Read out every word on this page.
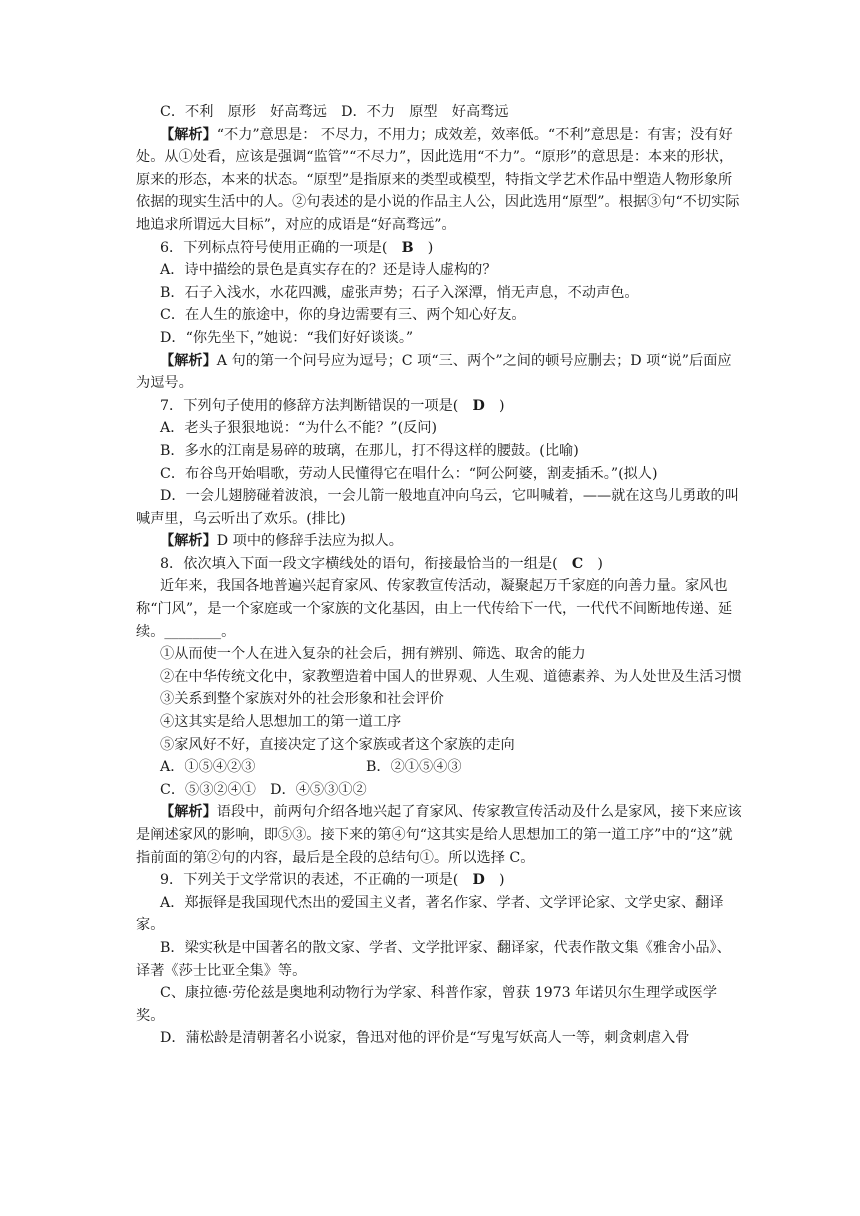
C．不利　原形　好高骛远　D．不力　原型　好高骛远
【解析】“不力”意思是： 不尽力，不用力；成效差，效率低。“不利”意思是：有害；没有好处。从①处看，应该是强调“监管”“不尽力”，因此选用“不力”。“原形”的意思是：本来的形状，原来的形态，本来的状态。“原型”是指原来的类型或模型，特指文学艺术作品中塑造人物形象所依据的现实生活中的人。②句表述的是小说的作品主人公，因此选用“原型”。根据③句“不切实际地追求所谓远大目标”，对应的成语是“好高骛远”。
6．下列标点符号使用正确的一项是(　B　)
A．诗中描绘的景色是真实存在的？还是诗人虚构的？
B．石子入浅水，水花四溅，虚张声势；石子入深潭，悄无声息，不动声色。
C．在人生的旅途中，你的身边需要有三、两个知心好友。
D．“你先坐下，”她说：“我们好好谈谈。”
【解析】A 句的第一个问号应为逗号；C 项“三、两个”之间的顿号应删去；D 项“说”后面应为逗号。
7．下列句子使用的修辞方法判断错误的一项是(　D　)
A．老头子狠狠地说：“为什么不能？”(反问)
B．多水的江南是易碎的玻璃，在那儿，打不得这样的腰鼓。(比喻)
C．布谷鸟开始唱歌，劳动人民懂得它在唱什么：“阿公阿婆，割麦插禾。”(拟人)
D．一会儿翅膀碰着波浪，一会儿箭一般地直冲向乌云，它叫喊着，——就在这鸟儿勇敢的叫喊声里，乌云听出了欢乐。(排比)
【解析】D 项中的修辞手法应为拟人。
8．依次填入下面一段文字横线处的语句，衔接最恰当的一组是(　C　)
近年来，我国各地普遍兴起育家风、传家教宣传活动，凝聚起万千家庭的向善力量。家风也称“门风”，是一个家庭或一个家族的文化基因，由上一代传给下一代，一代代不间断地传递、延续。________。
①从而使一个人在进入复杂的社会后，拥有辨别、筛选、取舍的能力
②在中华传统文化中，家教塑造着中国人的世界观、人生观、道德素养、为人处世及生活习惯
③关系到整个家族对外的社会形象和社会评价
④这其实是给人思想加工的第一道工序
⑤家风好不好，直接决定了这个家族或者这个家族的走向
A．①⑤④②③	B．②①⑤④③
C．⑤③②④①　D．④⑤③①②
【解析】语段中，前两句介绍各地兴起了育家风、传家教宣传活动及什么是家风，接下来应该是阐述家风的影响，即⑤③。接下来的第④句“这其实是给人思想加工的第一道工序”中的“这”就指前面的第②句的内容，最后是全段的总结句①。所以选择 C。
9．下列关于文学常识的表述，不正确的一项是(　D　)
A．郑振铎是我国现代杰出的爱国主义者，著名作家、学者、文学评论家、文学史家、翻译家。
B．梁实秋是中国著名的散文家、学者、文学批评家、翻译家，代表作散文集《雅舍小品》、译著《莎士比亚全集》等。
C、康拉德·劳伦兹是奥地利动物行为学家、科普作家，曾获 1973 年诺贝尔生理学或医学奖。
D．蒲松龄是清朝著名小说家，鲁迅对他的评价是“写鬼写妖高人一等，刺贪刺虐入骨
